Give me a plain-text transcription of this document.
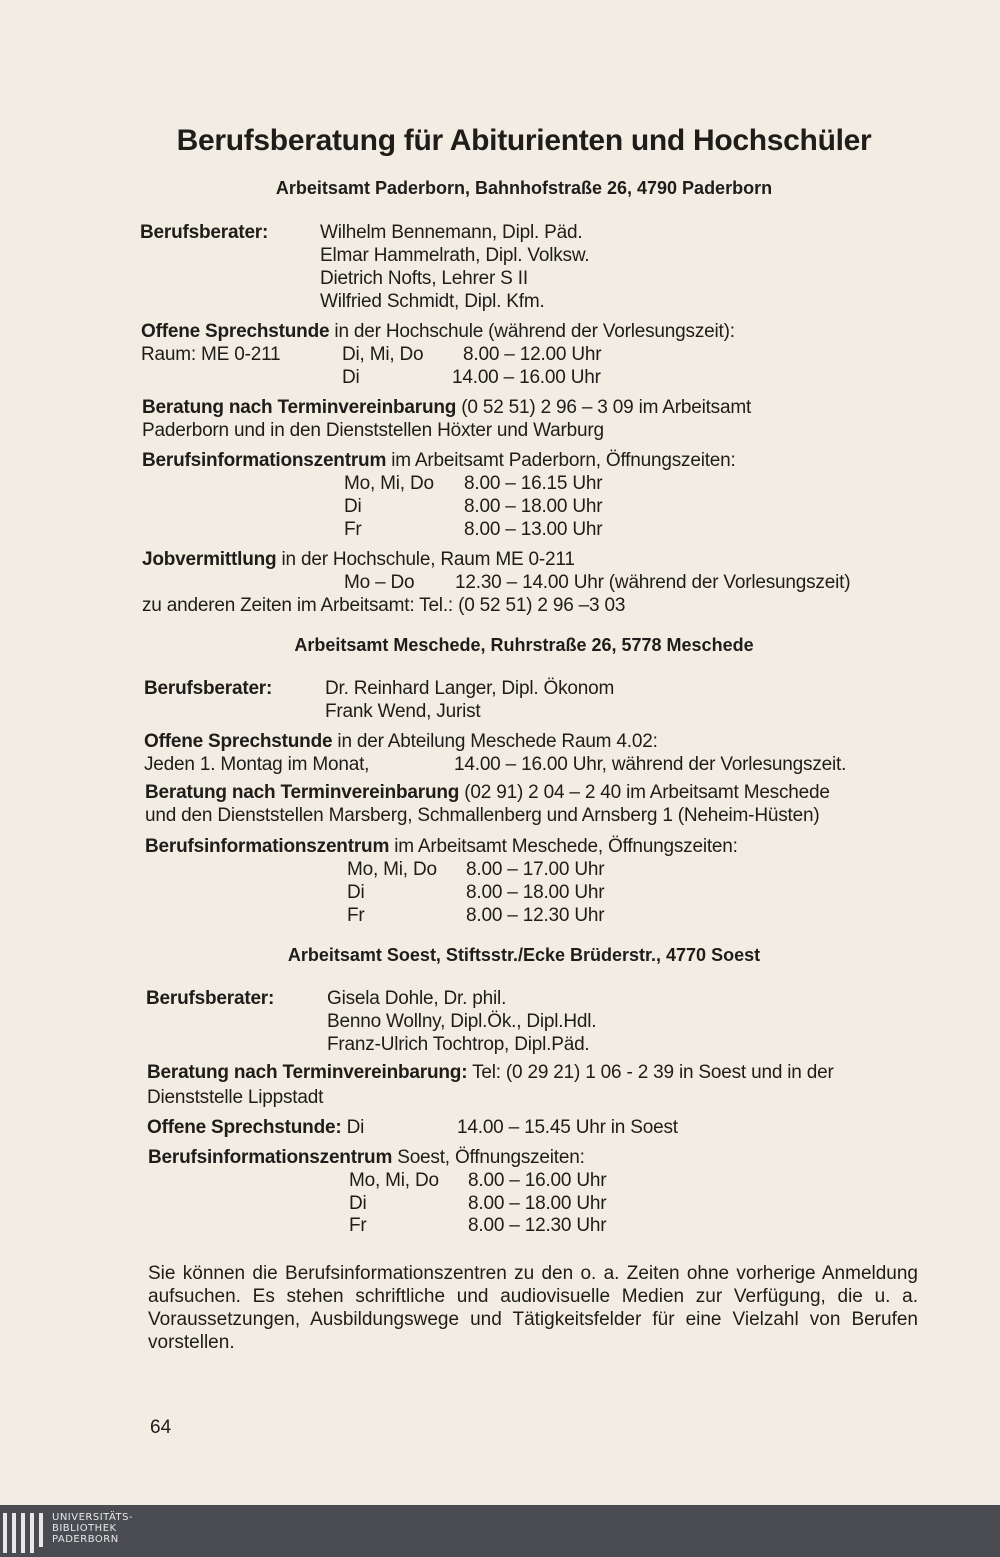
Berufsberatung für Abiturienten und Hochschüler
Arbeitsamt Paderborn, Bahnhofstraße 26, 4790 Paderborn
Berufsberater:	Wilhelm Bennemann, Dipl. Päd.
Elmar Hammelrath, Dipl. Volksw.
Dietrich Nofts, Lehrer S II
Wilfried Schmidt, Dipl. Kfm.
Offene Sprechstunde in der Hochschule (während der Vorlesungszeit):
Raum: ME 0-211	Di, Mi, Do 8.00 – 12.00 Uhr
Di	14.00 – 16.00 Uhr
Beratung nach Terminvereinbarung (0 52 51) 2 96 – 3 09 im Arbeitsamt
Paderborn und in den Dienststellen Höxter und Warburg
Berufsinformationszentrum im Arbeitsamt Paderborn, Öffnungszeiten:
Mo, Mi, Do 8.00 – 16.15 Uhr
Di	8.00 – 18.00 Uhr
Fr	8.00 – 13.00 Uhr
Jobvermittlung in der Hochschule, Raum ME 0-211
Mo – Do 12.30 – 14.00 Uhr (während der Vorlesungszeit)
zu anderen Zeiten im Arbeitsamt: Tel.: (0 52 51) 2 96 –3 03
Arbeitsamt Meschede, Ruhrstraße 26, 5778 Meschede
Berufsberater:	Dr. Reinhard Langer, Dipl. Ökonom
Frank Wend, Jurist
Offene Sprechstunde in der Abteilung Meschede Raum 4.02:
Jeden 1. Montag im Monat,	14.00 – 16.00 Uhr, während der Vorlesungszeit.
Beratung nach Terminvereinbarung (02 91) 2 04 – 2 40 im Arbeitsamt Meschede
und den Dienststellen Marsberg, Schmallenberg und Arnsberg 1 (Neheim-Hüsten)
Berufsinformationszentrum im Arbeitsamt Meschede, Öffnungszeiten:
Mo, Mi, Do 8.00 – 17.00 Uhr
Di	8.00 – 18.00 Uhr
Fr	8.00 – 12.30 Uhr
Arbeitsamt Soest, Stiftsstr./Ecke Brüderstr., 4770 Soest
Berufsberater:	Gisela Dohle, Dr. phil.
Benno Wollny, Dipl.Ök., Dipl.Hdl.
Franz-Ulrich Tochtrop, Dipl.Päd.
Beratung nach Terminvereinbarung: Tel: (0 29 21) 1 06 - 2 39 in Soest und in der
Dienststelle Lippstadt
Offene Sprechstunde: Di	14.00 – 15.45 Uhr in Soest
Berufsinformationszentrum Soest, Öffnungszeiten:
Mo, Mi, Do 8.00 – 16.00 Uhr
Di	8.00 – 18.00 Uhr
Fr	8.00 – 12.30 Uhr
Sie können die Berufsinformationszentren zu den o. a. Zeiten ohne vorherige Anmeldung aufsuchen. Es stehen schriftliche und audiovisuelle Medien zur Verfügung, die u. a. Voraussetzungen, Ausbildungswege und Tätigkeitsfelder für eine Vielzahl von Berufen vorstellen.
64
UNIVERSITÄTS-
BIBLIOTHEK
PADERBORN
